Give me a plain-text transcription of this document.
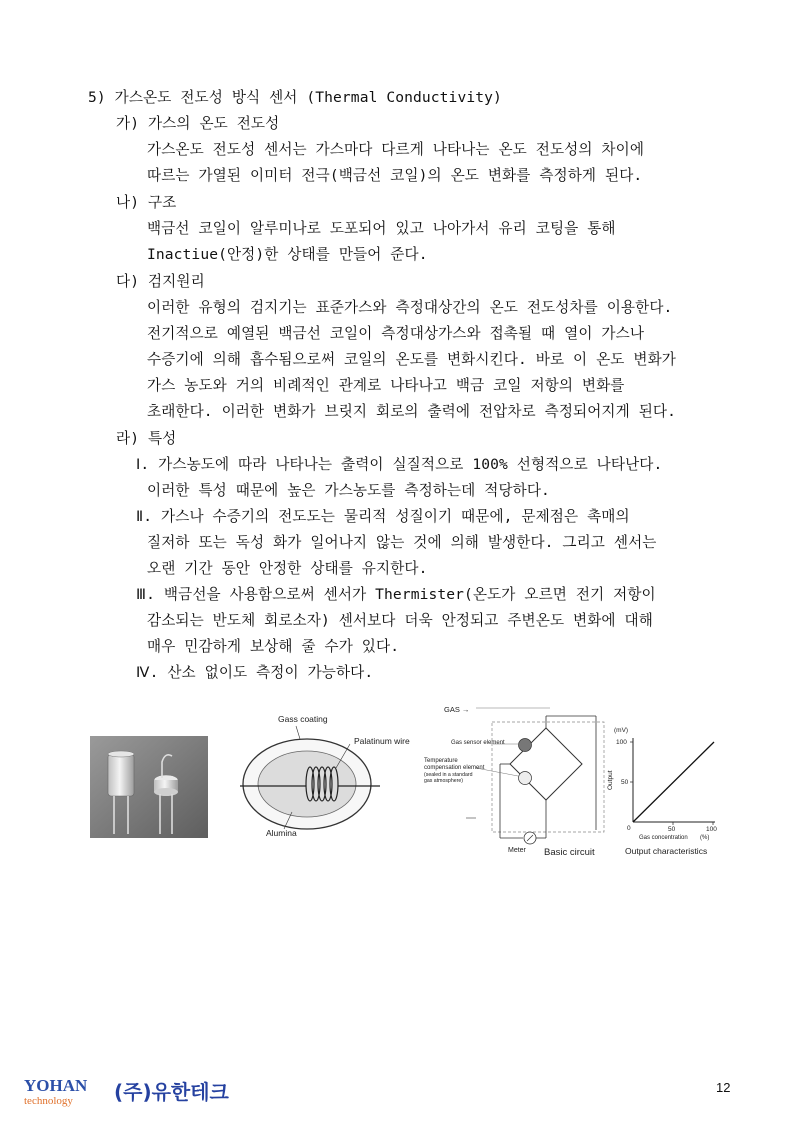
5) 가스온도 전도성 방식 센서 (Thermal Conductivity)
가) 가스의 온도 전도성
가스온도 전도성 센서는 가스마다 다르게 나타나는 온도 전도성의 차이에
따르는 가열된 이미터 전극(백금선 코일)의 온도 변화를 측정하게 된다.
나) 구조
백금선 코일이 알루미나로 도포되어 있고 나아가서 유리 코팅을 통해
Inactiue(안정)한 상태를 만들어 준다.
다) 검지원리
이러한 유형의 검지기는 표준가스와 측정대상간의 온도 전도성차를 이용한다.
전기적으로 예열된 백금선 코일이 측정대상가스와 접촉될 때 열이 가스나
수증기에 의해 흡수됨으로써 코일의 온도를 변화시킨다. 바로 이 온도 변화가
가스 농도와 거의 비례적인 관계로 나타나고 백금 코일 저항의 변화를
초래한다. 이러한 변화가 브릿지 회로의 출력에 전압차로 측정되어지게 된다.
라) 특성
Ⅰ. 가스농도에 따라 나타나는 출력이 실질적으로 100% 선형적으로 나타난다.
이러한 특성 때문에 높은 가스농도를 측정하는데 적당하다.
Ⅱ. 가스나 수증기의 전도도는 물리적 성질이기 때문에, 문제점은 촉매의
질저하 또는 독성 화가 일어나지 않는 것에 의해 발생한다. 그리고 센서는
오랜 기간 동안 안정한 상태를 유지한다.
Ⅲ. 백금선을 사용함으로써 센서가 Thermister(온도가 오르면 전기 저항이
감소되는 반도체 회로소자) 센서보다 더욱 안정되고 주변온도 변화에 대해
매우 민감하게 보상해 줄 수가 있다.
Ⅳ. 산소 없이도 측정이 가능하다.
Gass coating
Palatinum wire
Alumina
GAS →
Gas sensor element
Temperature
compensation element
(sealed in a standard
gas atmosphere)
Meter Basic circuit
(mV)
100
50
Output
0	50	100
Gas concentration (%)
Output characteristics
YOHAN
technology (주)유한테크	12
